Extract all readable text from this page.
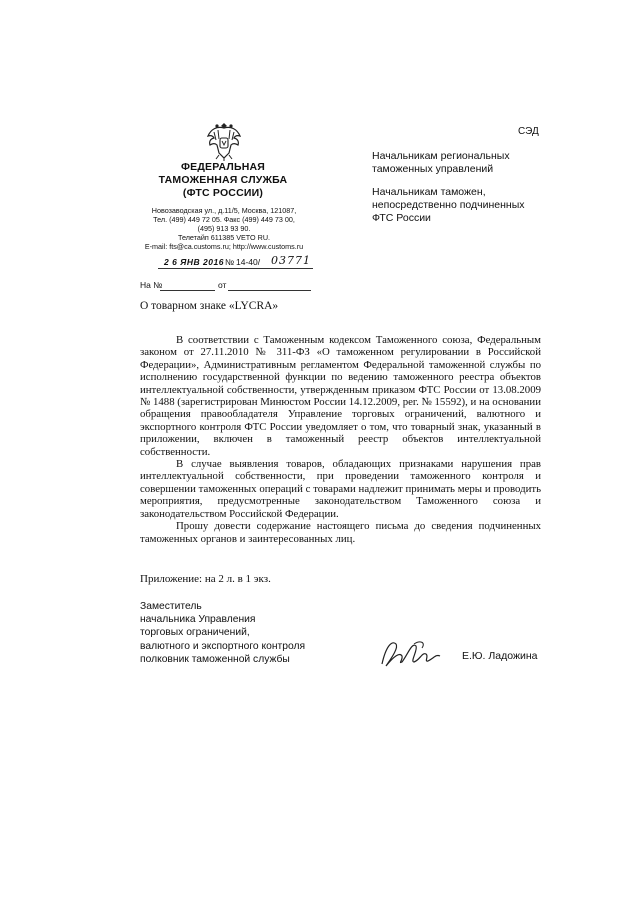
ФЕДЕРАЛЬНАЯ
ТАМОЖЕННАЯ СЛУЖБА
(ФТС РОССИИ)
Новозаводская ул., д.11/5, Москва, 121087,
Тел. (499) 449 72 05. Факс (499) 449 73 00,
(495) 913 93 90.
Телетайп 611385 VETO RU.
E-mail: fts@ca.customs.ru; http://www.customs.ru
2 6 ЯНВ 2016 № 14-40/ 03771
На №	от
О товарном знаке «LYCRA»
СЭД
Начальникам региональных
таможенных управлений
Начальникам таможен,
непосредственно подчиненных
ФТС России

В соответствии с Таможенным кодексом Таможенного союза, Федеральным законом от 27.11.2010 № 311-ФЗ «О таможенном регулировании в Российской Федерации», Административным регламентом Федеральной таможенной службы по исполнению государственной функции по ведению таможенного реестра объектов интеллектуальной собственности, утвержденным приказом ФТС России от 13.08.2009 № 1488 (зарегистрирован Минюстом России 14.12.2009, рег. № 15592), и на основании обращения правообладателя Управление торговых ограничений, валютного и экспортного контроля ФТС России уведомляет о том, что товарный знак, указанный в приложении, включен в таможенный реестр объектов интеллектуальной собственности.

В случае выявления товаров, обладающих признаками нарушения прав интеллектуальной собственности, при проведении таможенного контроля и совершении таможенных операций с товарами надлежит принимать меры и проводить мероприятия, предусмотренные законодательством Таможенного союза и законодательством Российской Федерации.

Прошу довести содержание настоящего письма до сведения подчиненных таможенных органов и заинтересованных лиц.

Приложение: на 2 л. в 1 экз.
Заместитель
начальника Управления
торговых ограничений,
валютного и экспортного контроля
полковник таможенной службы	Е.Ю. Ладожина
